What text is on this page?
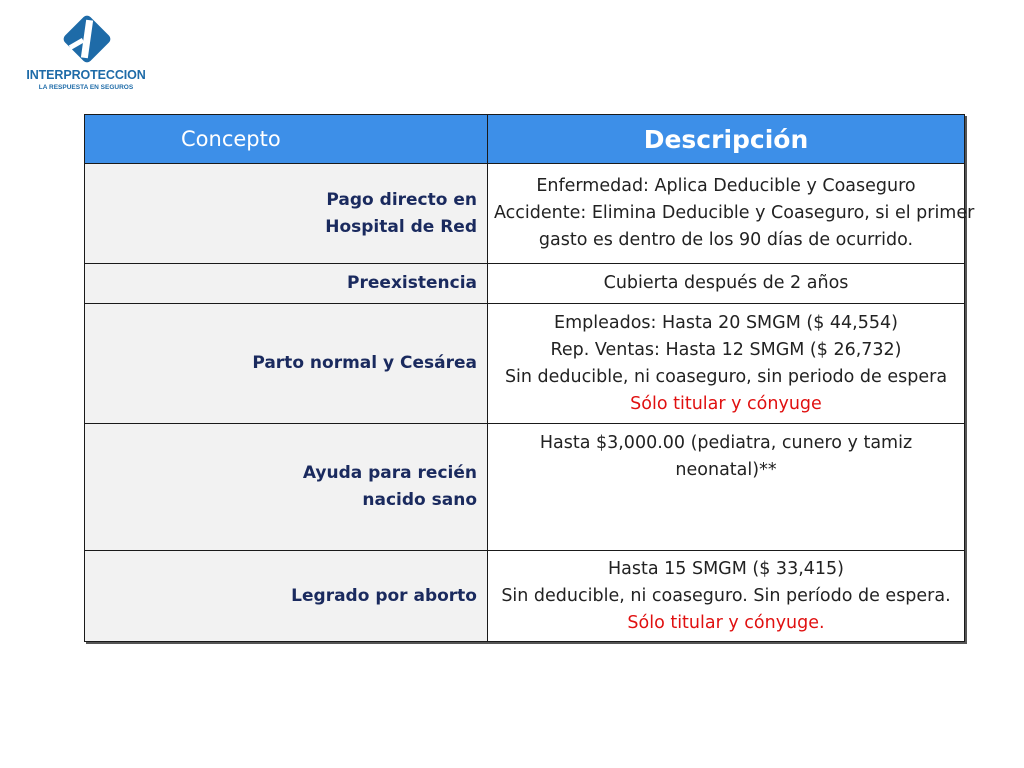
INTERPROTECCION
LA RESPUESTA EN SEGUROS
Concepto	Descripción

Pago directo en
Hospital de Red	Enfermedad: Aplica Deducible y Coaseguro
Accidente: Elimina Deducible y Coaseguro, si el primer
gasto es dentro de los 90 días de ocurrido.

Preexistencia	Cubierta después de 2 años

Parto normal y Cesárea	Empleados: Hasta 20 SMGM ($ 44,554)
Rep. Ventas: Hasta 12 SMGM ($ 26,732)
Sin deducible, ni coaseguro, sin periodo de espera
Sólo titular y cónyuge

Ayuda para recién
nacido sano	Hasta $3,000.00 (pediatra, cunero y tamiz
neonatal)**

Legrado por aborto	Hasta 15 SMGM ($ 33,415)
Sin deducible, ni coaseguro. Sin período de espera.
Sólo titular y cónyuge.
